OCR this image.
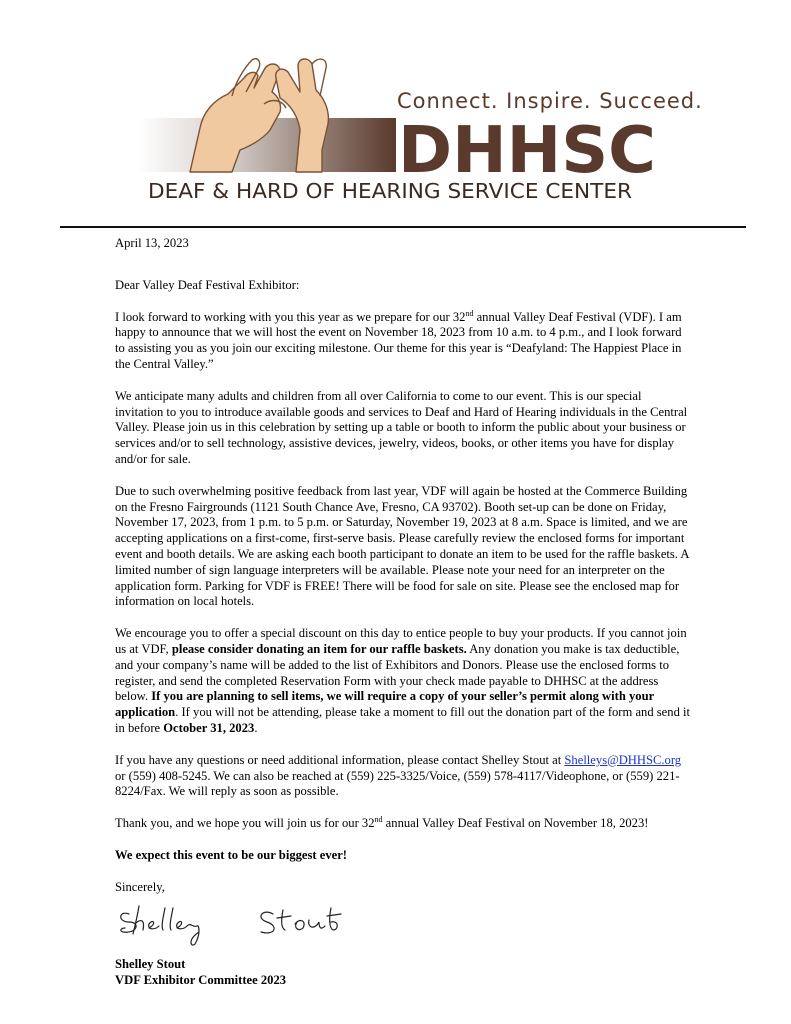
Connect. Inspire. Succeed.
DHHSC
DEAF & HARD OF HEARING SERVICE CENTER

April 13, 2023

Dear Valley Deaf Festival Exhibitor:

I look forward to working with you this year as we prepare for our 32nd annual Valley Deaf Festival (VDF). I am happy to announce that we will host the event on November 18, 2023 from 10 a.m. to 4 p.m., and I look forward to assisting you as you join our exciting milestone. Our theme for this year is “Deafyland: The Happiest Place in the Central Valley.”

We anticipate many adults and children from all over California to come to our event. This is our special invitation to you to introduce available goods and services to Deaf and Hard of Hearing individuals in the Central Valley. Please join us in this celebration by setting up a table or booth to inform the public about your business or services and/or to sell technology, assistive devices, jewelry, videos, books, or other items you have for display and/or for sale.

Due to such overwhelming positive feedback from last year, VDF will again be hosted at the Commerce Building on the Fresno Fairgrounds (1121 South Chance Ave, Fresno, CA 93702). Booth set-up can be done on Friday, November 17, 2023, from 1 p.m. to 5 p.m. or Saturday, November 19, 2023 at 8 a.m. Space is limited, and we are accepting applications on a first-come, first-serve basis. Please carefully review the enclosed forms for important event and booth details. We are asking each booth participant to donate an item to be used for the raffle baskets. A limited number of sign language interpreters will be available. Please note your need for an interpreter on the application form. Parking for VDF is FREE! There will be food for sale on site. Please see the enclosed map for information on local hotels.

We encourage you to offer a special discount on this day to entice people to buy your products. If you cannot join us at VDF, please consider donating an item for our raffle baskets. Any donation you make is tax deductible, and your company’s name will be added to the list of Exhibitors and Donors. Please use the enclosed forms to register, and send the completed Reservation Form with your check made payable to DHHSC at the address below. If you are planning to sell items, we will require a copy of your seller’s permit along with your application. If you will not be attending, please take a moment to fill out the donation part of the form and send it in before October 31, 2023.

If you have any questions or need additional information, please contact Shelley Stout at Shelleys@DHHSC.org or (559) 408-5245. We can also be reached at (559) 225-3325/Voice, (559) 578-4117/Videophone, or (559) 221-8224/Fax. We will reply as soon as possible.

Thank you, and we hope you will join us for our 32nd annual Valley Deaf Festival on November 18, 2023!

We expect this event to be our biggest ever!

Sincerely,

Shelley Stout
VDF Exhibitor Committee 2023
